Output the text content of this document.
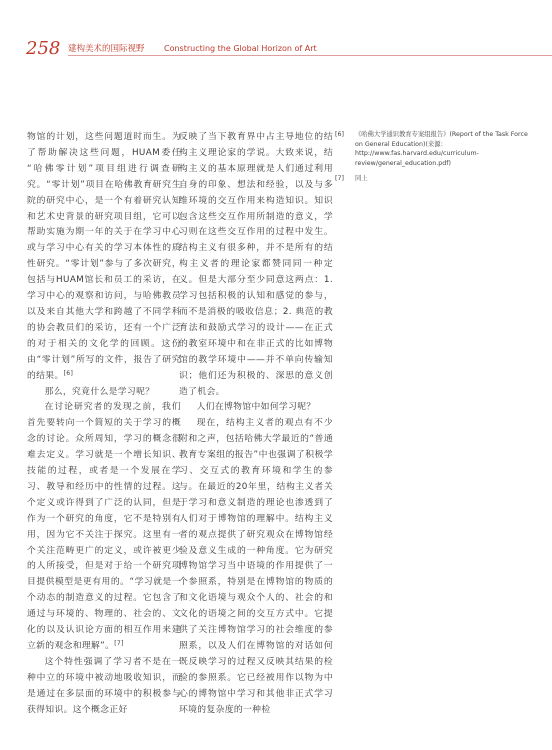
258 建构美术的国际视野 Constructing the Global Horizon of Art

物馆的计划，这些问题道时而生。为了帮助解决这些问题，HUAM委任 “哈佛零计划”项目组进行调查研究。“零计划”项目在哈佛教育研究生院的研究中心，是一个有着研究认知和艺术史背景的研究项目组，它可以帮助实施为期一年的关于在学习中心或与学习中心有关的学习本体性的质性研究。“零计划”参与了多次研究，包括与HUAM馆长和员工的采访，在学习中心的观察和访问，与哈佛教员以及来自其他大学和跨越了不同学科的协会教员们的采访，还有一个广泛的对于相关的文化学的回顾。这份由“零计划”所写的文件，报告了研究的结果。[6]

那么，究竟什么是学习呢？

在讨论研究者的发现之前，我们首先要转向一个简短的关于学习的概念的讨论。众所周知，学习的概念很难去定义。学习就是一个增长知识、技能的过程，或者是一个发展在学习、教导和经历中的性情的过程。这个定义或许得到了广泛的认同，但是作为一个研究的角度，它不是特别有用，因为它不关注于探究。这里有一个关注范畴更广的定义，或许被更少的人所接受，但是对于给一个研究项目提供模型是更有用的。“学习就是一个动态的制造意义的过程。它包含了通过与环境的、物理的、社会的、文化的以及认识论方面的相互作用来建立新的观念和理解”。[7]

这个特性强调了学习者不是在一种中立的环境中被动地吸收知识，而是通过在多层面的环境中的积极参与获得知识。这个概念正好

反映了当下教育界中占主导地位的结构主义理论家的学说。大致来说，结构主义的基本原理就是人们通过利用自身的印象、想法和经验，以及与多维环境的交互作用来构造知识。知识包含这些交互作用所制造的意义，学习则在这些交互作用的过程中发生。结构主义有很多种，并不是所有的结构主义者的理论家都赞同同一种定义。但是大部分至少同意这两点：1. 学习包括积极的认知和感觉的参与，而不是消极的吸收信息；2. 典范的教育法和鼓励式学习的设计——在正式的教室环境中和在非正式的比如博物馆的教学环境中——并不单向传输知识；他们还为积极的、深思的意义创造了机会。

人们在博物馆中如何学习呢？

现在，结构主义者的观点有不少附和之声，包括哈佛大学最近的“普通教育专案组的报告”中也强调了积极学习、交互式的教育环境和学生的参与。在最近的20年里，结构主义者关于学习和意义制造的理论也渗透到了人们对于博物馆的理解中。结构主义者的观点提供了研究观众在博物馆经验及意义生成的一种角度。它为研究博物馆学习当中语境的作用提供了一个参照系，特别是在博物馆的物质的和文化语境与观众个人的、社会的和文化的语境之间的交互方式中。它提供了关注博物馆学习的社会维度的参照系，以及人们在博物馆的对话如何既反映学习的过程又反映其结果的检验的参照系。它已经被用作以物为中心的博物馆中学习和其他非正式学习环境的复杂度的一种检

[6]	《哈佛大学通识教育专案组报告》(Report of the Task Force on General Education)(来源：http://www.fas.harvard.edu/curriculum-review/general_education.pdf)
[7]	同上
